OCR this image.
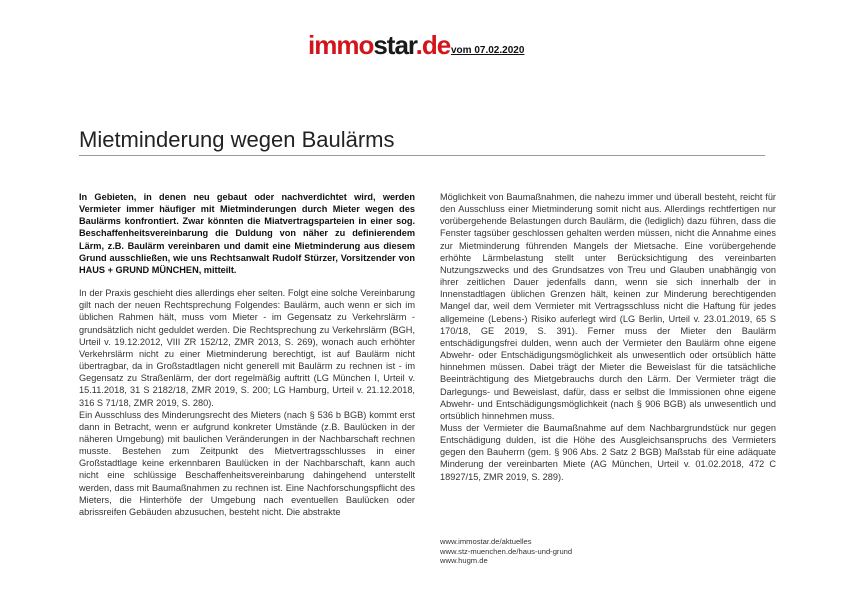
immostar.de vom 07.02.2020
Mietminderung wegen Baulärms

In Gebieten, in denen neu gebaut oder nachverdichtet wird, werden Vermieter immer häufiger mit Mietminderungen durch Mieter wegen des Baulärms konfrontiert. Zwar könnten die Miatvertragsparteien in einer sog. Beschaffenheitsvereinbarung die Duldung von näher zu definierendem Lärm, z.B. Baulärm vereinbaren und damit eine Mietminderung aus diesem Grund ausschließen, wie uns Rechtsanwalt Rudolf Stürzer, Vorsitzender von HAUS + GRUND MÜNCHEN, mitteilt.

In der Praxis geschieht dies allerdings eher selten. Folgt eine solche Vereinbarung gilt nach der neuen Rechtsprechung Folgendes: Baulärm, auch wenn er sich im üblichen Rahmen hält, muss vom Mieter - im Gegensatz zu Verkehrslärm - grundsätzlich nicht geduldet werden. Die Rechtsprechung zu Verkehrslärm (BGH, Urteil v. 19.12.2012, VIII ZR 152/12, ZMR 2013, S. 269), wonach auch erhöhter Verkehrslärm nicht zu einer Mietminderung berechtigt, ist auf Baulärm nicht übertragbar, da in Großstadtlagen nicht generell mit Baulärm zu rechnen ist - im Gegensatz zu Straßenlärm, der dort regelmäßig auftritt (LG München I, Urteil v. 15.11.2018, 31 S 2182/18, ZMR 2019, S. 200; LG Hamburg, Urteil v. 21.12.2018, 316 S 71/18, ZMR 2019, S. 280).

Ein Ausschluss des Minderungsrecht des Mieters (nach § 536 b BGB) kommt erst dann in Betracht, wenn er aufgrund konkreter Umstände (z.B. Baulücken in der näheren Umgebung) mit baulichen Veränderungen in der Nachbarschaft rechnen musste. Bestehen zum Zeitpunkt des Mietvertragsschlusses in einer Großstadtlage keine erkennbaren Baulücken in der Nachbarschaft, kann auch nicht eine schlüssige Beschaffenheitsvereinbarung dahingehend unterstellt werden, dass mit Baumaßnahmen zu rechnen ist. Eine Nachforschungspflicht des Mieters, die Hinterhöfe der Umgebung nach eventuellen Baulücken oder abrissreifen Gebäuden abzusuchen, besteht nicht. Die abstrakte

Möglichkeit von Baumaßnahmen, die nahezu immer und überall besteht, reicht für den Ausschluss einer Mietminderung somit nicht aus. Allerdings rechtfertigen nur vorübergehende Belastungen durch Baulärm, die (lediglich) dazu führen, dass die Fenster tagsüber geschlossen gehalten werden müssen, nicht die Annahme eines zur Mietminderung führenden Mangels der Mietsache. Eine vorübergehende erhöhte Lärmbelastung stellt unter Berücksichtigung des vereinbarten Nutzungszwecks und des Grundsatzes von Treu und Glauben unabhängig von ihrer zeitlichen Dauer jedenfalls dann, wenn sie sich innerhalb der in Innenstadtlagen üblichen Grenzen hält, keinen zur Minderung berechtigenden Mangel dar, weil dem Vermieter mit Vertragsschluss nicht die Haftung für jedes allgemeine (Lebens-) Risiko auferlegt wird (LG Berlin, Urteil v. 23.01.2019, 65 S 170/18, GE 2019, S. 391). Ferner muss der Mieter den Baulärm entschädigungsfrei dulden, wenn auch der Vermieter den Baulärm ohne eigene Abwehr- oder Entschädigungsmöglichkeit als unwesentlich oder ortsüblich hätte hinnehmen müssen. Dabei trägt der Mieter die Beweislast für die tatsächliche Beeinträchtigung des Mietgebrauchs durch den Lärm. Der Vermieter trägt die Darlegungs- und Beweislast, dafür, dass er selbst die Immissionen ohne eigene Abwehr- und Entschädigungsmöglichkeit (nach § 906 BGB) als unwesentlich und ortsüblich hinnehmen muss.

Muss der Vermieter die Baumaßnahme auf dem Nachbargrundstück nur gegen Entschädigung dulden, ist die Höhe des Ausgleichsanspruchs des Vermieters gegen den Bauherrn (gem. § 906 Abs. 2 Satz 2 BGB) Maßstab für eine adäquate Minderung der vereinbarten Miete (AG München, Urteil v. 01.02.2018, 472 C 18927/15, ZMR 2019, S. 289).

www.immostar.de/aktuelles
www.stz-muenchen.de/haus-und-grund
www.hugm.de
